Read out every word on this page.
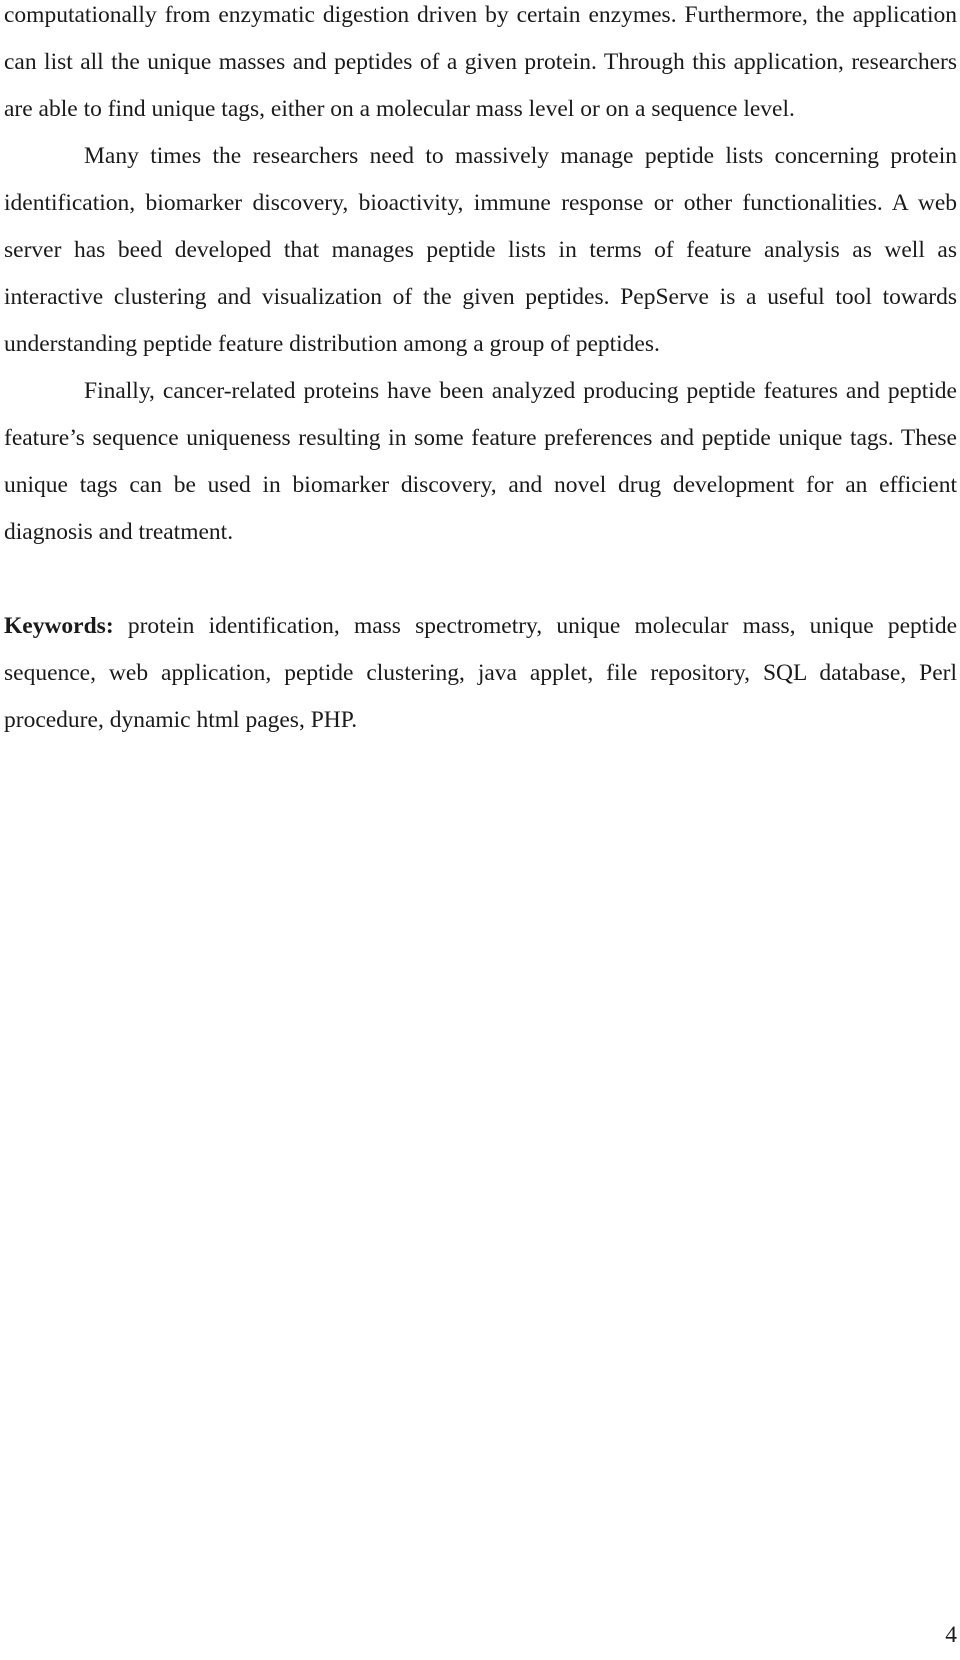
computationally from enzymatic digestion driven by certain enzymes. Furthermore, the application can list all the unique masses and peptides of a given protein. Through this application, researchers are able to find unique tags, either on a molecular mass level or on a sequence level.

Many times the researchers need to massively manage peptide lists concerning protein identification, biomarker discovery, bioactivity, immune response or other functionalities. A web server has beed developed that manages peptide lists in terms of feature analysis as well as interactive clustering and visualization of the given peptides. PepServe is a useful tool towards understanding peptide feature distribution among a group of peptides.

Finally, cancer-related proteins have been analyzed producing peptide features and peptide feature’s sequence uniqueness resulting in some feature preferences and peptide unique tags. These unique tags can be used in biomarker discovery, and novel drug development for an efficient diagnosis and treatment.

Keywords: protein identification, mass spectrometry, unique molecular mass, unique peptide sequence, web application, peptide clustering, java applet, file repository, SQL database, Perl procedure, dynamic html pages, PHP.

4
